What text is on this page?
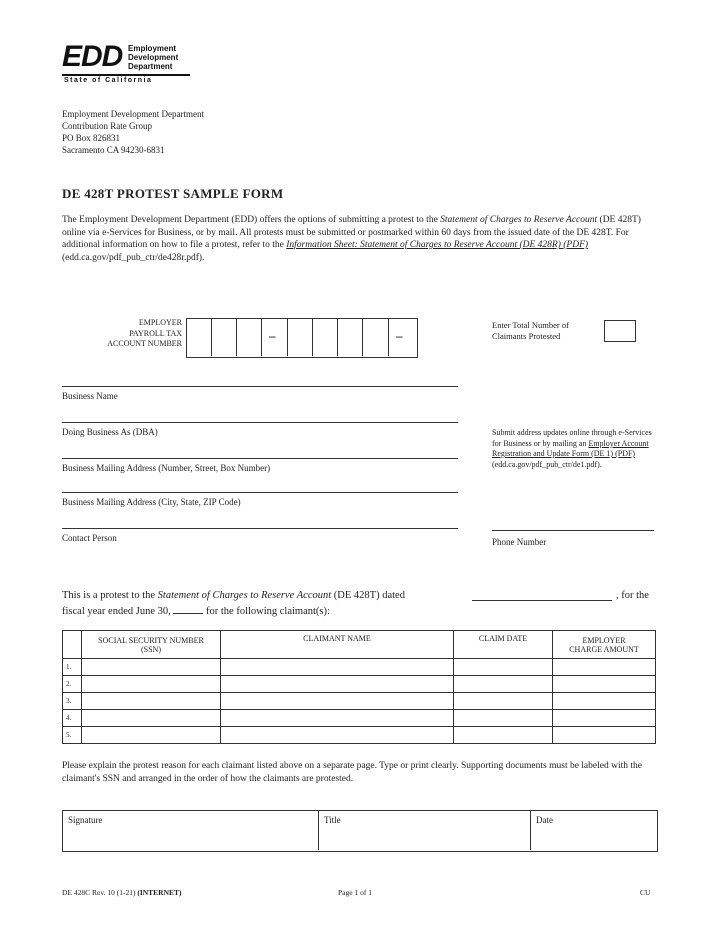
EDD Employment
Development
Department
State of California
Employment Development Department
Contribution Rate Group
PO Box 826831
Sacramento CA 94230-6831
DE 428T PROTEST SAMPLE FORM
The Employment Development Department (EDD) offers the options of submitting a protest to the Statement of Charges to Reserve Account (DE 428T) online via e-Services for Business, or by mail. All protests must be submitted or postmarked within 60 days from the issued date of the DE 428T. For additional information on how to file a protest, refer to the Information Sheet: Statement of Charges to Reserve Account (DE 428R) (PDF) (edd.ca.gov/pdf_pub_ctr/de428r.pdf).
EMPLOYER
PAYROLL TAX
ACCOUNT NUMBER
–	–
Enter Total Number of
Claimants Protested
Business Name
Doing Business As (DBA)
Business Mailing Address (Number, Street, Box Number)
Business Mailing Address (City, State, ZIP Code)
Contact Person
Submit address updates online through e-Services for Business or by mailing an Employer Account Registration and Update Form (DE 1) (PDF) (edd.ca.gov/pdf_pub_ctr/de1.pdf).
Phone Number
This is a protest to the Statement of Charges to Reserve Account (DE 428T) dated	, for the
fiscal year ended June 30,	for the following claimant(s):
	SOCIAL SECURITY NUMBER (SSN)	CLAIMANT NAME	CLAIM DATE	EMPLOYER CHARGE AMOUNT
1.				
2.				
3.				
4.				
5.				
Please explain the protest reason for each claimant listed above on a separate page. Type or print clearly. Supporting documents must be labeled with the claimant's SSN and arranged in the order of how the claimants are protested.
Signature	Title	Date
DE 428C Rev. 10 (1-21) (INTERNET)	Page 1 of 1	CU
